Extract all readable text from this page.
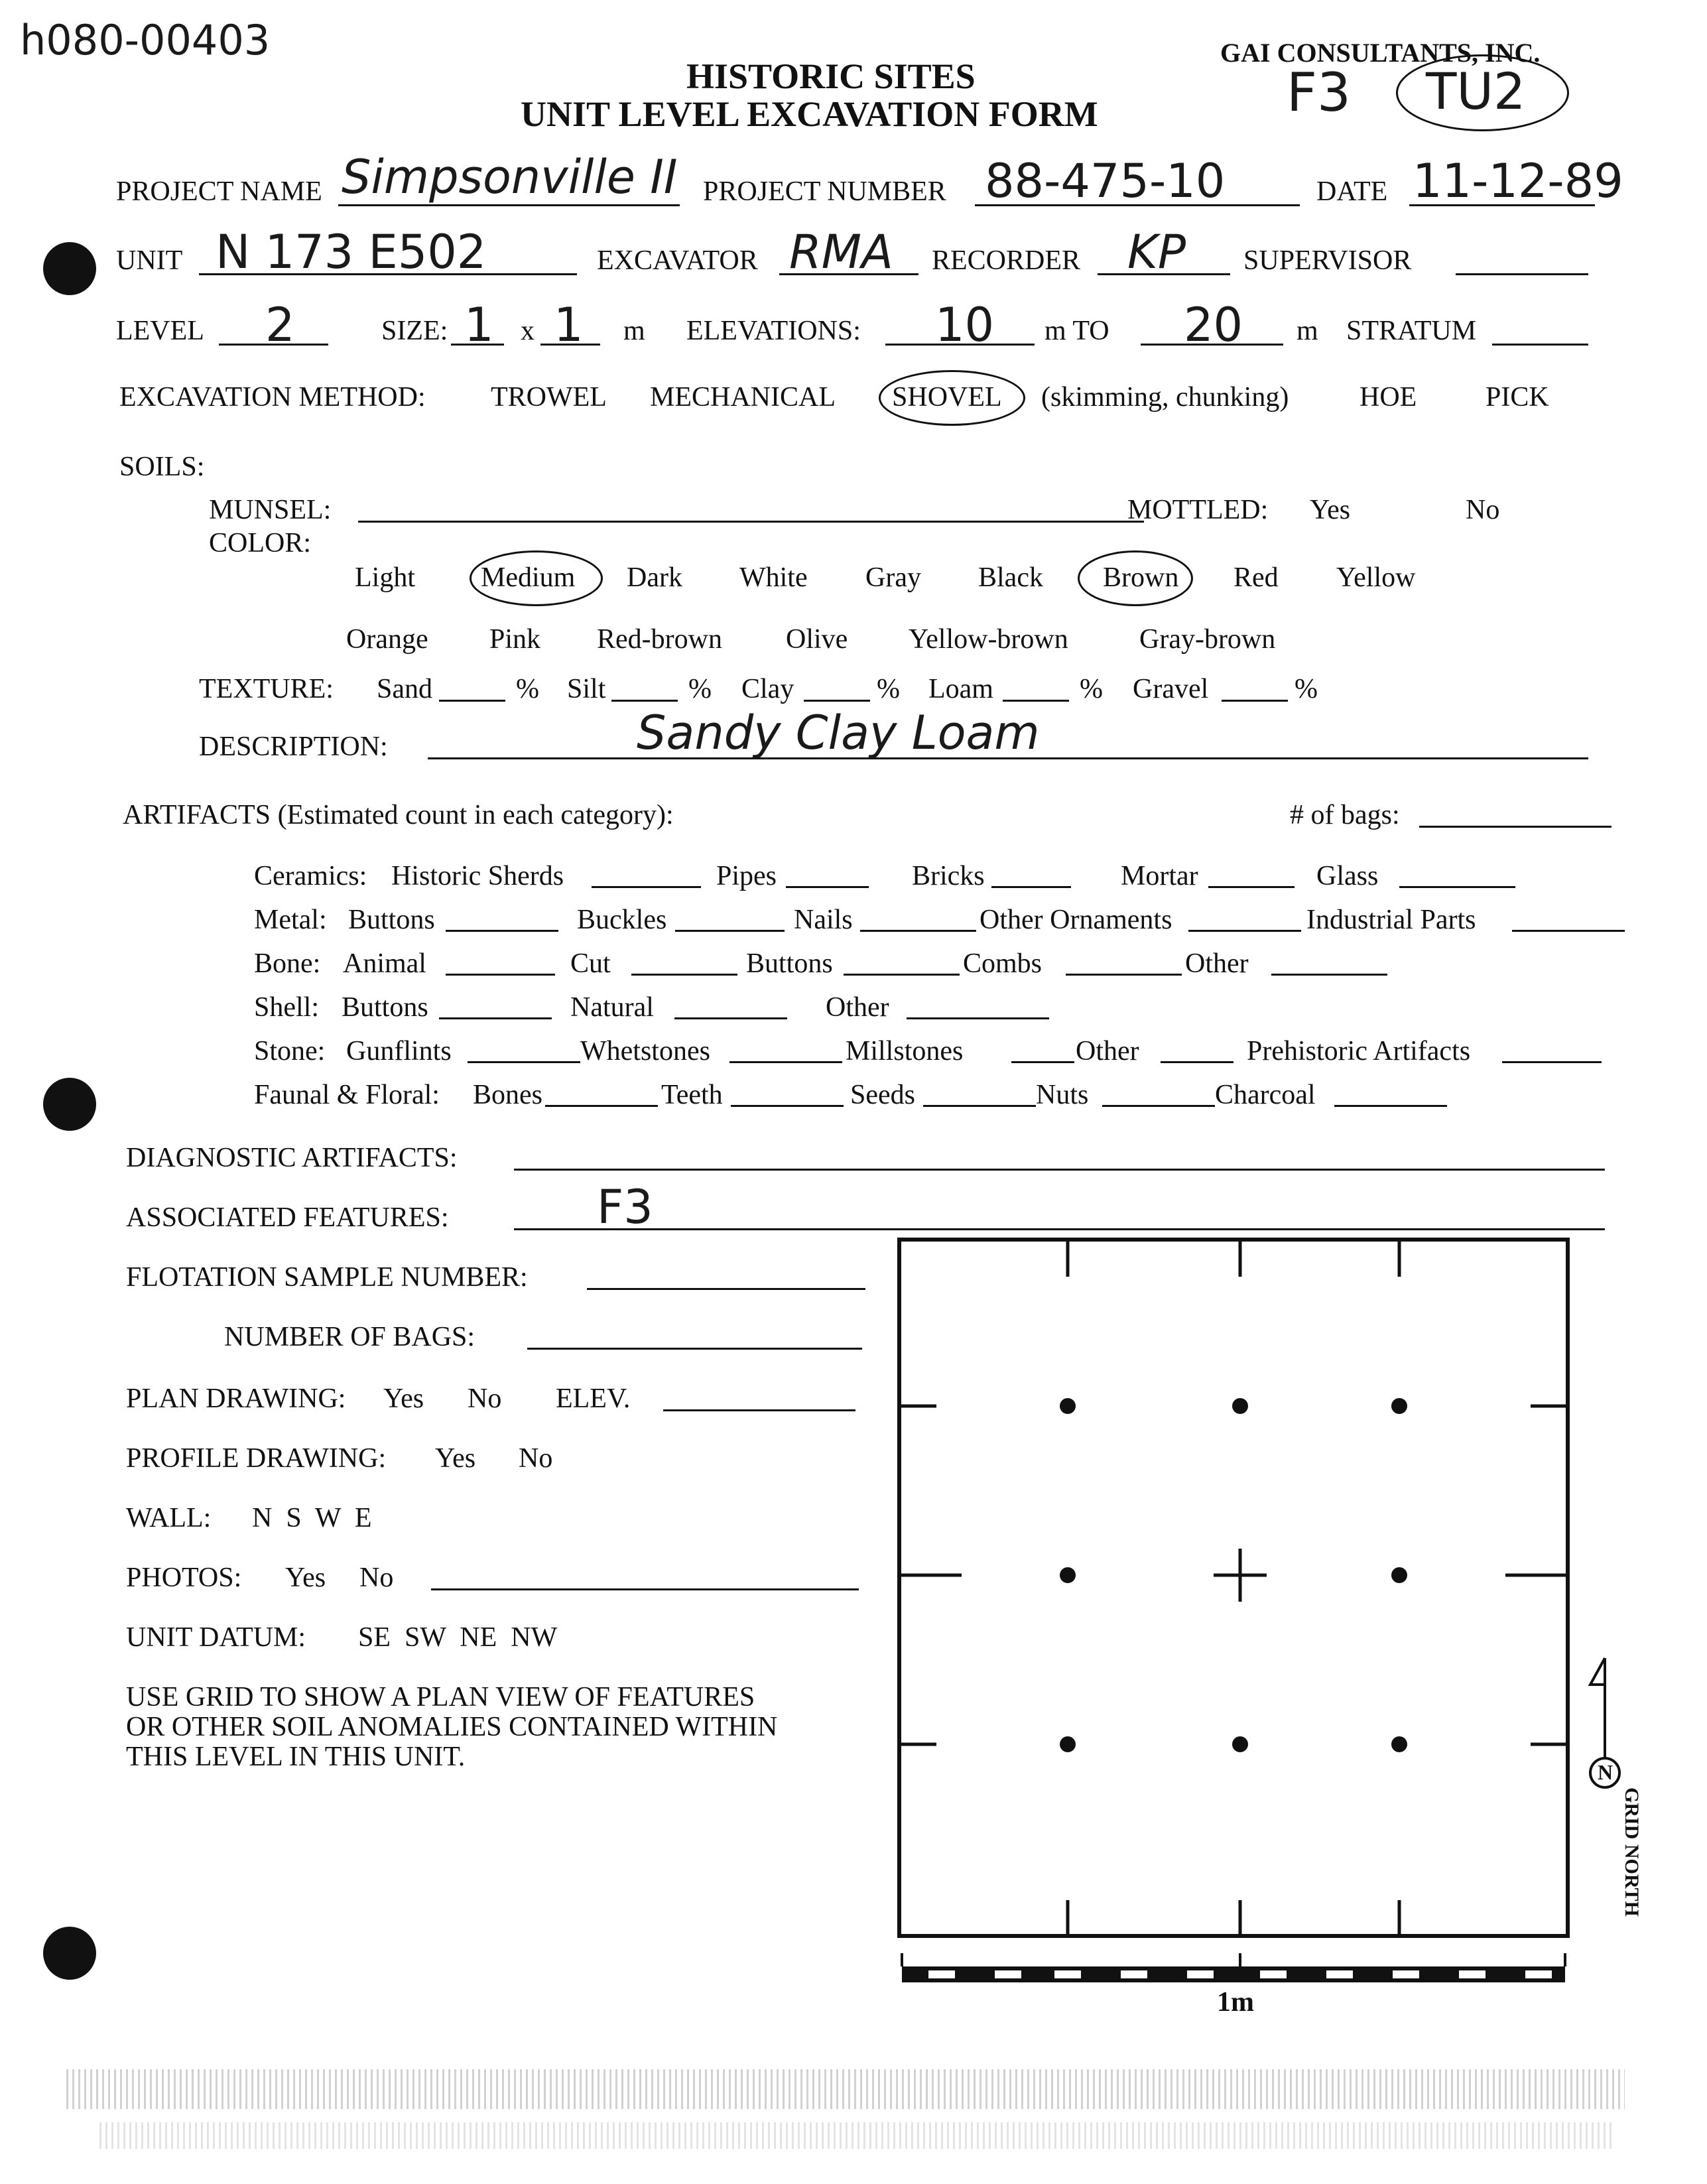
h080-00403	GAI CONSULTANTS, INC.
HISTORIC SITES
UNIT LEVEL EXCAVATION FORM	F3 TU2
PROJECT NAME Simpsonville II PROJECT NUMBER 88-475-10	DATE 11-12-89
UNIT N 173 E502	EXCAVATOR RMA RECORDER KP SUPERVISOR
LEVEL 2	SIZE: 1 x 1 m ELEVATIONS: 10 m TO 20 m STRATUM
EXCAVATION METHOD: TROWEL MECHANICAL SHOVEL (skimming, chunking)	HOE PICK
SOILS:
MUNSEL:	MOTTLED: Yes	No
COLOR:
Light Medium Dark White Gray Black Brown Red Yellow
Orange Pink Red-brown Olive Yellow-brown	Gray-brown
TEXTURE: Sand	% Silt	% Clay	% Loam	% Gravel	%
DESCRIPTION:	Sandy Clay Loam
ARTIFACTS (Estimated count in each category):	# of bags:
Ceramics: Historic Sherds	Pipes	Bricks	Mortar	Glass
Metal: Buttons	Buckles	Nails	Other Ornaments	Industrial Parts
Bone: Animal	Cut	Buttons	Combs	Other
Shell: Buttons	Natural	Other
Stone: Gunflints	Whetstones	Millstones	Other	Prehistoric Artifacts
Faunal & Floral: Bones	Teeth	Seeds	Nuts	Charcoal
DIAGNOSTIC ARTIFACTS:
ASSOCIATED FEATURES:	F3
FLOTATION SAMPLE NUMBER:
NUMBER OF BAGS:
PLAN DRAWING: Yes No ELEV.
PROFILE DRAWING: Yes No
WALL: N  S  W  E
PHOTOS: Yes No
UNIT DATUM: SE  SW  NE  NW
USE GRID TO SHOW A PLAN VIEW OF FEATURES
OR OTHER SOIL ANOMALIES CONTAINED WITHIN
THIS LEVEL IN THIS UNIT.
1m
N
GRID NORTH
